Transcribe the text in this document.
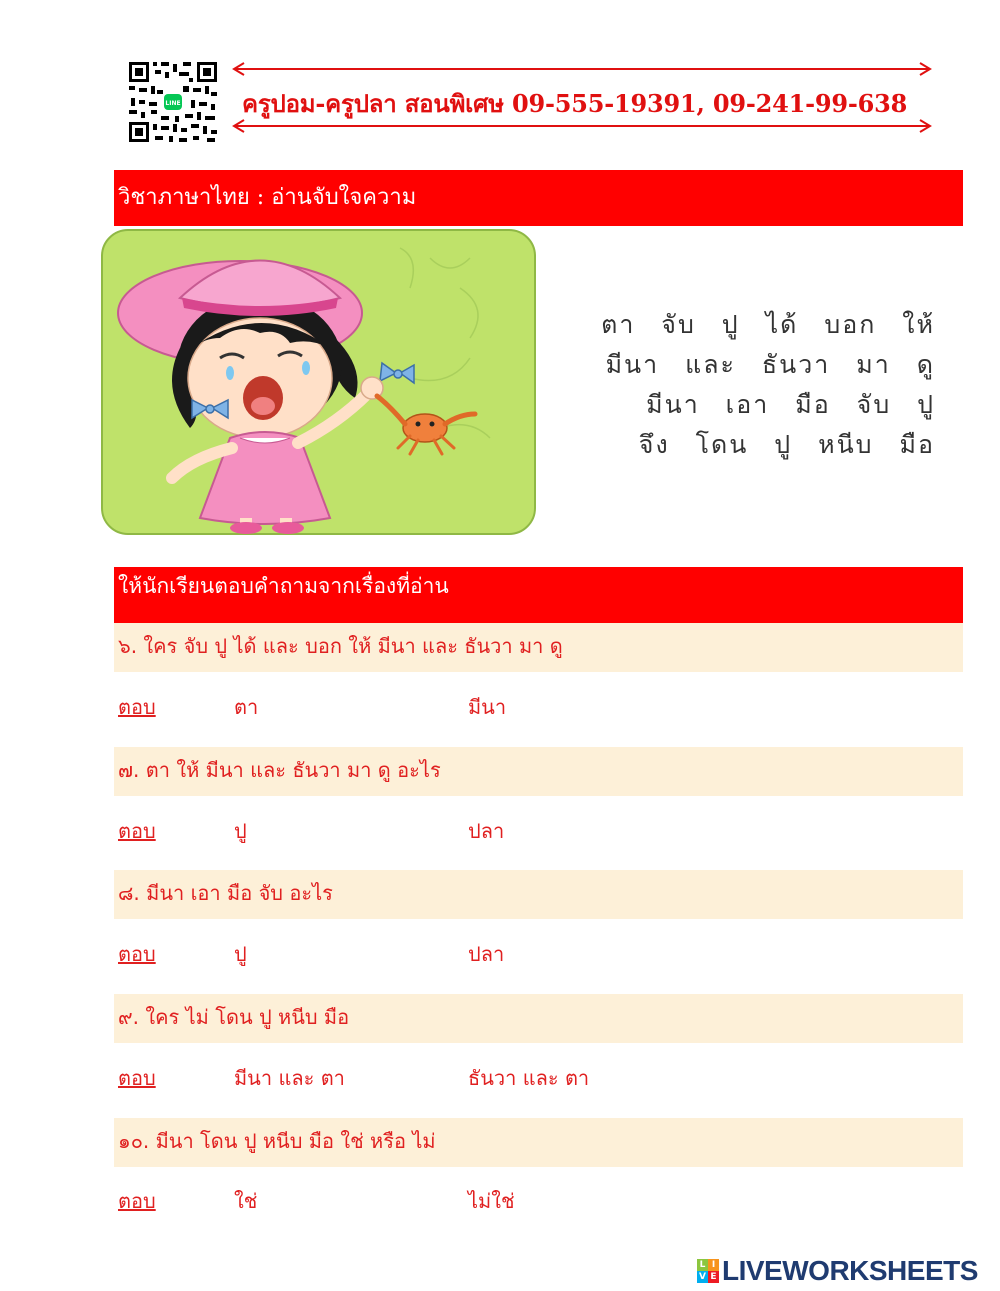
LINE	ครูปอม-ครูปลา สอนพิเศษ 09-555-19391, 09-241-99-638
วิชาภาษาไทย : อ่านจับใจความ
ตา จับ ปู ได้ บอก ให้
มีนา และ ธันวา มา ดู
มีนา เอา มือ จับ ปู
จึง โดน ปู หนีบ มือ
ให้นักเรียนตอบคำถามจากเรื่องที่อ่าน
๖. ใคร จับ ปู ได้ และ บอก ให้ มีนา และ ธันวา มา ดู
ตอบ	ตา	มีนา
๗. ตา ให้ มีนา และ ธันวา มา ดู อะไร
ตอบ	ปู	ปลา
๘. มีนา เอา มือ จับ อะไร
ตอบ	ปู	ปลา
๙. ใคร ไม่ โดน ปู หนีบ มือ
ตอบ	มีนา และ ตา	ธันวา และ ตา
๑๐. มีนา โดน ปู หนีบ มือ ใช่ หรือ ไม่
ตอบ	ใช่	ไม่ใช่
L I
V E LIVEWORKSHEETS
